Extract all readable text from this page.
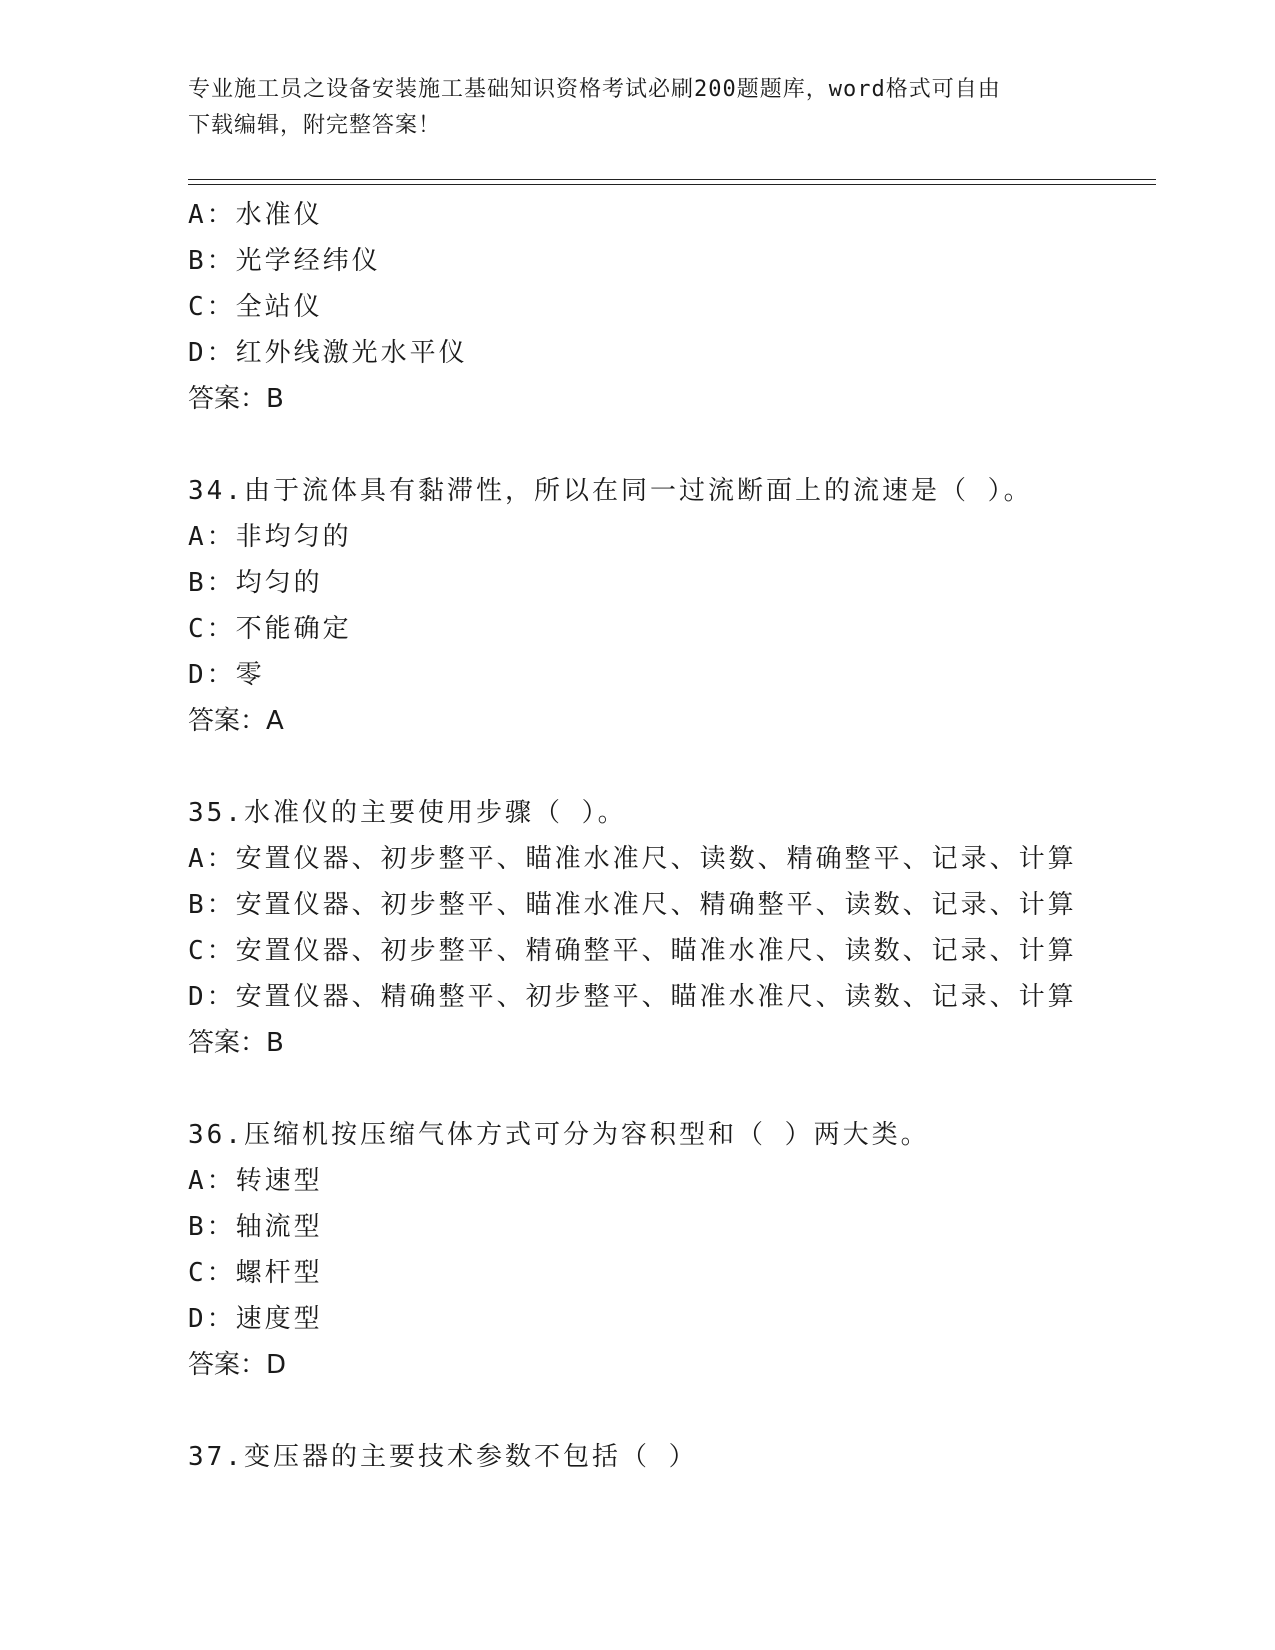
专业施工员之设备安装施工基础知识资格考试必刷200题题库，word格式可自由
下载编辑，附完整答案！
A：水准仪
B：光学经纬仪
C：全站仪
D：红外线激光水平仪
答案：B
34.由于流体具有黏滞性，所以在同一过流断面上的流速是（ ）。
A：非均匀的
B：均匀的
C：不能确定
D：零
答案：A
35.水准仪的主要使用步骤（ ）。
A：安置仪器、初步整平、瞄准水准尺、读数、精确整平、记录、计算
B：安置仪器、初步整平、瞄准水准尺、精确整平、读数、记录、计算
C：安置仪器、初步整平、精确整平、瞄准水准尺、读数、记录、计算
D：安置仪器、精确整平、初步整平、瞄准水准尺、读数、记录、计算
答案：B
36.压缩机按压缩气体方式可分为容积型和（ ）两大类。
A：转速型
B：轴流型
C：螺杆型
D：速度型
答案：D
37.变压器的主要技术参数不包括（ ）
